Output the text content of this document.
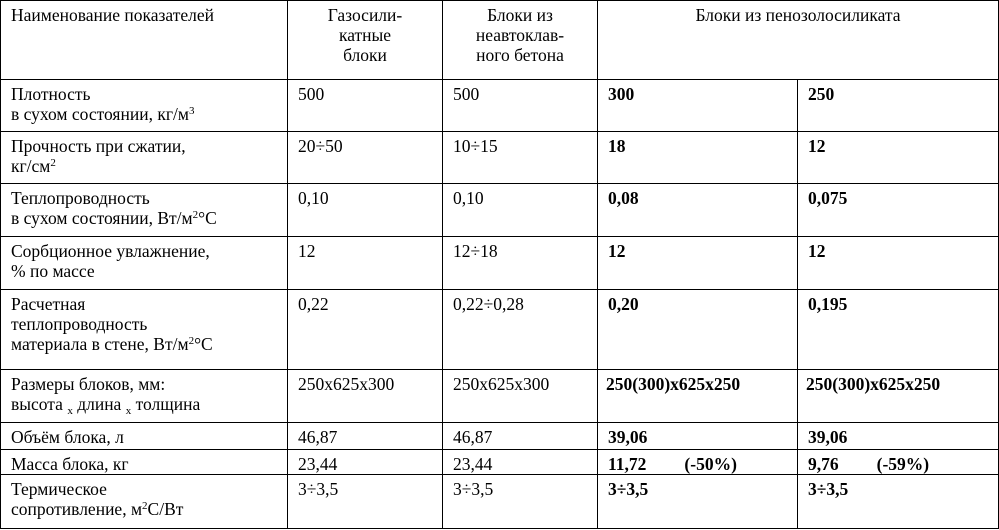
Наименование показателей	Газосили-
катные
блоки	Блоки из
неавтоклав-
ного бетона	Блоки из пенозолосиликата	
Плотность
в сухом состоянии, $кг/м^3$	500	500	300	250
Прочность при сжатии,
$кг/см^2$	20÷50	10÷15	18	12
Теплопроводность
в сухом состоянии, $Вт/м^2^\circ С$	0,10	0,10	0,08	0,075
Сорбционное увлажнение,
% по массе	12	12÷18	12	12
Расчетная
теплопроводность
материала в стене, $Вт/м^2^\circ С$	0,22	0,22÷0,28	0,20	0,195
Размеры блоков, мм:
высота $_х$ длина $_х$ толщина	250х625х300	250х625х300	250(300)х625х250	250(300)х625х250
Объём блока, л	46,87	46,87	39,06	39,06
Масса блока, кг	23,44	23,44	11,72 (-50%)	9,76 (-59%)
Термическое
сопротивление, $м^2С/Вт$	3÷3,5	3÷3,5	3÷3,5	3÷3,5
